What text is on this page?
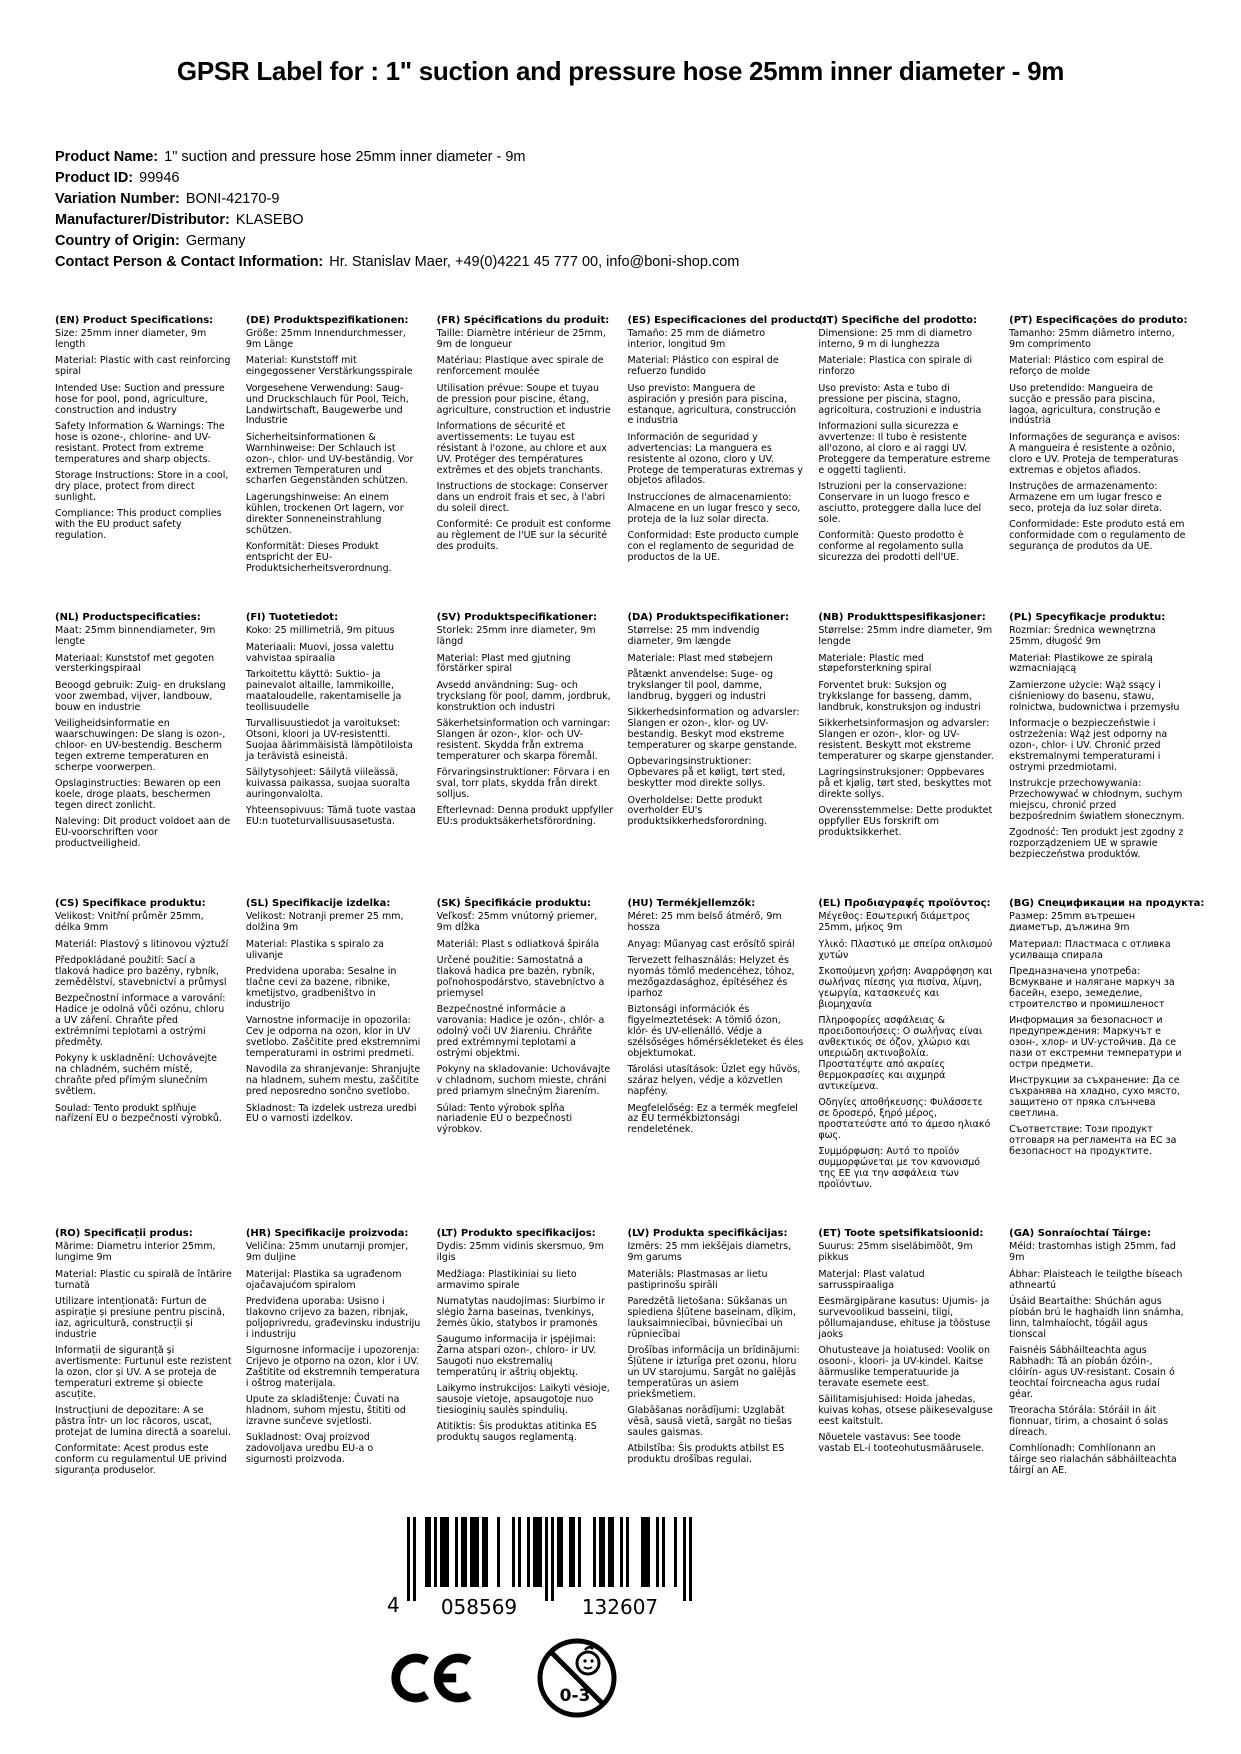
GPSR Label for : 1" suction and pressure hose 25mm inner diameter - 9m
Product Name: 1" suction and pressure hose 25mm inner diameter - 9m
Product ID: 99946
Variation Number: BONI-42170-9
Manufacturer/Distributor: KLASEBO
Country of Origin: Germany
Contact Person & Contact Information: Hr. Stanislav Maer, +49(0)4221 45 777 00, info@boni-shop.com
(EN) Product Specifications:

Size: 25mm inner diameter, 9m length

Material: Plastic with cast reinforcing spiral

Intended Use: Suction and pressure hose for pool, pond, agriculture, construction and industry

Safety Information & Warnings: The hose is ozone-, chlorine- and UV-resistant. Protect from extreme temperatures and sharp objects.

Storage Instructions: Store in a cool, dry place, protect from direct sunlight.

Compliance: This product complies with the EU product safety regulation.

(DE) Produktspezifikationen:

Größe: 25mm Innendurchmesser, 9m Länge

Material: Kunststoff mit eingegossener Verstärkungsspirale

Vorgesehene Verwendung: Saug- und Druckschlauch für Pool, Teich, Landwirtschaft, Baugewerbe und Industrie

Sicherheitsinformationen & Warnhinweise: Der Schlauch ist ozon-, chlor- und UV-beständig. Vor extremen Temperaturen und scharfen Gegenständen schützen.

Lagerungshinweise: An einem kühlen, trockenen Ort lagern, vor direkter Sonneneinstrahlung schützen.

Konformität: Dieses Produkt entspricht der EU-Produktsicherheitsverordnung.

(FR) Spécifications du produit:

Taille: Diamètre intérieur de 25mm, 9m de longueur

Matériau: Plastique avec spirale de renforcement moulée

Utilisation prévue: Soupe et tuyau de pression pour piscine, étang, agriculture, construction et industrie

Informations de sécurité et avertissements: Le tuyau est résistant à l'ozone, au chlore et aux UV. Protéger des températures extrêmes et des objets tranchants.

Instructions de stockage: Conserver dans un endroit frais et sec, à l'abri du soleil direct.

Conformité: Ce produit est conforme au règlement de l'UE sur la sécurité des produits.

(ES) Especificaciones del producto:

Tamaño: 25 mm de diámetro interior, longitud 9m

Material: Plástico con espiral de refuerzo fundido

Uso previsto: Manguera de aspiración y presión para piscina, estanque, agricultura, construcción e industria

Información de seguridad y advertencias: La manguera es resistente al ozono, cloro y UV. Protege de temperaturas extremas y objetos afilados.

Instrucciones de almacenamiento: Almacene en un lugar fresco y seco, proteja de la luz solar directa.

Conformidad: Este producto cumple con el reglamento de seguridad de productos de la UE.

(IT) Specifiche del prodotto:

Dimensione: 25 mm di diametro interno, 9 m di lunghezza

Materiale: Plastica con spirale di rinforzo

Uso previsto: Asta e tubo di pressione per piscina, stagno, agricoltura, costruzioni e industria

Informazioni sulla sicurezza e avvertenze: Il tubo è resistente all'ozono, al cloro e ai raggi UV. Proteggere da temperature estreme e oggetti taglienti.

Istruzioni per la conservazione: Conservare in un luogo fresco e asciutto, proteggere dalla luce del sole.

Conformità: Questo prodotto è conforme al regolamento sulla sicurezza dei prodotti dell'UE.

(PT) Especificações do produto:

Tamanho: 25mm diâmetro interno, 9m comprimento

Material: Plástico com espiral de reforço de molde

Uso pretendido: Mangueira de sucção e pressão para piscina, lagoa, agricultura, construção e indústria

Informações de segurança e avisos: A mangueira é resistente a ozônio, cloro e UV. Proteja de temperaturas extremas e objetos afiados.

Instruções de armazenamento: Armazene em um lugar fresco e seco, proteja da luz solar direta.

Conformidade: Este produto está em conformidade com o regulamento de segurança de produtos da UE.

(NL) Productspecificaties:

Maat: 25mm binnendiameter, 9m lengte

Materiaal: Kunststof met gegoten versterkingspiraal

Beoogd gebruik: Zuig- en drukslang voor zwembad, vijver, landbouw, bouw en industrie

Veiligheidsinformatie en waarschuwingen: De slang is ozon-, chloor- en UV-bestendig. Bescherm tegen extreme temperaturen en scherpe voorwerpen.

Opslaginstructies: Bewaren op een koele, droge plaats, beschermen tegen direct zonlicht.

Naleving: Dit product voldoet aan de EU-voorschriften voor productveiligheid.

(FI) Tuotetiedot:

Koko: 25 millimetriä, 9m pituus

Materiaali: Muovi, jossa valettu vahvistaa spiraalia

Tarkoitettu käyttö: Suktio- ja painevalot altaille, lammikoille, maataloudelle, rakentamiselle ja teollisuudelle

Turvallisuustiedot ja varoitukset: Otsoni, kloori ja UV-resistentti. Suojaa äärimmäisistä lämpötiloista ja terävistä esineistä.

Säilytysohjeet: Säilytä viileässä, kuivassa paikassa, suojaa suoralta auringonvalolta.

Yhteensopivuus: Tämä tuote vastaa EU:n tuoteturvallisuusasetusta.

(SV) Produktspecifikationer:

Storlek: 25mm inre diameter, 9m längd

Material: Plast med gjutning förstärker spiral

Avsedd användning: Sug- och tryckslang för pool, damm, jordbruk, konstruktion och industri

Säkerhetsinformation och varningar: Slangen är ozon-, klor- och UV-resistent. Skydda från extrema temperaturer och skarpa föremål.

Förvaringsinstruktioner: Förvara i en sval, torr plats, skydda från direkt solljus.

Efterlevnad: Denna produkt uppfyller EU:s produktsäkerhetsförordning.

(DA) Produktspecifikationer:

Størrelse: 25 mm indvendig diameter, 9m længde

Materiale: Plast med støbejern

Påtænkt anvendelse: Suge- og trykslanger til pool, damme, landbrug, byggeri og industri

Sikkerhedsinformation og advarsler: Slangen er ozon-, klor- og UV-bestandig. Beskyt mod ekstreme temperaturer og skarpe genstande.

Opbevaringsinstruktioner: Opbevares på et køligt, tørt sted, beskytter mod direkte sollys.

Overholdelse: Dette produkt overholder EU's produktsikkerhedsforordning.

(NB) Produkttspesifikasjoner:

Størrelse: 25mm indre diameter, 9m lengde

Materiale: Plastic med støpeforsterkning spiral

Forventet bruk: Suksjon og trykkslange for basseng, damm, landbruk, konstruksjon og industri

Sikkerhetsinformasjon og advarsler: Slangen er ozon-, klor- og UV-resistent. Beskytt mot ekstreme temperaturer og skarpe gjenstander.

Lagringsinstruksjoner: Oppbevares på et kjølig, tørt sted, beskyttes mot direkte sollys.

Overensstemmelse: Dette produktet oppfyller EUs forskrift om produktsikkerhet.

(PL) Specyfikacje produktu:

Rozmiar: Średnica wewnętrzna 25mm, długość 9m

Materiał: Plastikowe ze spiralą wzmacniającą

Zamierzone użycie: Wąż ssący i ciśnieniowy do basenu, stawu, rolnictwa, budownictwa i przemysłu

Informacje o bezpieczeństwie i ostrzeżenia: Wąż jest odporny na ozon-, chlor- i UV. Chronić przed ekstremalnymi temperaturami i ostrymi przedmiotami.

Instrukcje przechowywania: Przechowywać w chłodnym, suchym miejscu, chronić przed bezpośrednim światłem słonecznym.

Zgodność: Ten produkt jest zgodny z rozporządzeniem UE w sprawie bezpieczeństwa produktów.

(CS) Specifikace produktu:

Velikost: Vnitřní průměr 25mm, délka 9mm

Materiál: Plastový s litinovou výztuží

Předpokládané použití: Sací a tlaková hadice pro bazény, rybník, zemědělství, stavebnictví a průmysl

Bezpečnostní informace a varování: Hadice je odolná vůči ozónu, chloru a UV záření. Chraňte před extrémními teplotami a ostrými předměty.

Pokyny k uskladnění: Uchovávejte na chladném, suchém místě, chraňte před přímým slunečním světlem.

Soulad: Tento produkt splňuje nařízení EU o bezpečnosti výrobků.

(SL) Specifikacije izdelka:

Velikost: Notranji premer 25 mm, dolžina 9m

Material: Plastika s spiralo za ulivanje

Predvidena uporaba: Sesalne in tlačne cevi za bazene, ribnike, kmetijstvo, gradbeništvo in industrijo

Varnostne informacije in opozorila: Cev je odporna na ozon, klor in UV svetlobo. Zaščitite pred ekstremnimi temperaturami in ostrimi predmeti.

Navodila za shranjevanje: Shranjujte na hladnem, suhem mestu, zaščitite pred neposredno sončno svetlobo.

Skladnost: Ta izdelek ustreza uredbi EU o varnosti izdelkov.

(SK) Špecifikácie produktu:

Veľkosť: 25mm vnútorný priemer, 9m dĺžka

Materiál: Plast s odliatková špirála

Určené použitie: Samostatná a tlaková hadica pre bazén, rybník, poľnohospodárstvo, stavebníctvo a priemysel

Bezpečnostné informácie a varovania: Hadice je ozón-, chlór- a odolný voči UV žiareniu. Chráňte pred extrémnymi teplotami a ostrými objektmi.

Pokyny na skladovanie: Uchovávajte v chladnom, suchom mieste, chráni pred priamym slnečným žiarením.

Súlad: Tento výrobok spĺňa nariadenie EÚ o bezpečnosti výrobkov.

(HU) Termékjellemzők:

Méret: 25 mm belső átmérő, 9m hossza

Anyag: Műanyag cast erősítő spirál

Tervezett felhasználás: Helyzet és nyomás tömlő medencéhez, tóhoz, mezőgazdasághoz, építéséhez és iparhoz

Biztonsági információk és figyelmeztetések: A tömlő ózon, klór- és UV-ellenálló. Védje a szélsőséges hőmérsékleteket és éles objektumokat.

Tárolási utasítások: Üzlet egy hűvös, száraz helyen, védje a közvetlen napfény.

Megfelelőség: Ez a termék megfelel az EU termékbiztonsági rendeletének.

(EL) Προδιαγραφές προϊόντος:

Μέγεθος: Εσωτερική διάμετρος 25mm, μήκος 9m

Υλικό: Πλαστικό με σπείρα οπλισμού χυτών

Σκοπούμενη χρήση: Αναρρόφηση και σωλήνας πίεσης για πισίνα, λίμνη, γεωργία, κατασκευές και βιομηχανία

Πληροφορίες ασφάλειας & προειδοποιήσεις: Ο σωλήνας είναι ανθεκτικός σε όζον, χλώριο και υπεριώδη ακτινοβολία. Προστατέψτε από ακραίες θερμοκρασίες και αιχμηρά αντικείμενα.

Οδηγίες αποθήκευσης: Φυλάσσετε σε δροσερό, ξηρό μέρος, προστατεύστε από το άμεσο ηλιακό φως.

Συμμόρφωση: Αυτό το προϊόν συμμορφώνεται με τον κανονισμό της ΕΕ για την ασφάλεια των προϊόντων.

(BG) Спецификации на продукта:

Размер: 25mm вътрешен диаметър, дължина 9m

Материал: Пластмаса с отливка усилваща спирала

Предназначена употреба: Всмукване и налягане маркуч за басейн, езеро, земеделие, строителство и промишленост

Информация за безопасност и предупреждения: Маркучът е озон-, хлор- и UV-устойчив. Да се пази от екстремни температури и остри предмети.

Инструкции за съхранение: Да се съхранява на хладно, сухо място, защитено от пряка слънчева светлина.

Съответствие: Този продукт отговаря на регламента на ЕС за безопасност на продуктите.

(RO) Specificații produs:

Mărime: Diametru interior 25mm, lungime 9m

Material: Plastic cu spirală de întărire turnată

Utilizare intenționată: Furtun de aspirație și presiune pentru piscină, iaz, agricultură, construcții și industrie

Informații de siguranță și avertismente: Furtunul este rezistent la ozon, clor și UV. A se proteja de temperaturi extreme și obiecte ascuțite.

Instrucțiuni de depozitare: A se păstra într- un loc răcoros, uscat, protejat de lumina directă a soarelui.

Conformitate: Acest produs este conform cu regulamentul UE privind siguranța produselor.

(HR) Specifikacije proizvoda:

Veličina: 25mm unutarnji promjer, 9m duljine

Materijal: Plastika sa ugrađenom ojačavajućom spiralom

Predviđena uporaba: Usisno i tlakovno crijevo za bazen, ribnjak, poljoprivredu, građevinsku industriju i industriju

Sigurnosne informacije i upozorenja: Crijevo je otporno na ozon, klor i UV. Zaštitite od ekstremnih temperatura i oštrog materijala.

Upute za skladištenje: Čuvati na hladnom, suhom mjestu, štititi od izravne sunčeve svjetlosti.

Sukladnost: Ovaj proizvod zadovoljava uredbu EU-a o sigurnosti proizvoda.

(LT) Produkto specifikacijos:

Dydis: 25mm vidinis skersmuo, 9m ilgis

Medžiaga: Plastikiniai su lieto armavimo spirale

Numatytas naudojimas: Siurbimo ir slėgio žarna baseinas, tvenkinys, žemės ūkio, statybos ir pramonės

Saugumo informacija ir įspėjimai: Žarna atspari ozon-, chloro- ir UV. Saugoti nuo ekstremalių temperatūrų ir aštrių objektų.

Laikymo instrukcijos: Laikyti vėsioje, sausoje vietoje, apsaugotoje nuo tiesioginių saulės spindulių.

Atitiktis: Šis produktas atitinka ES produktų saugos reglamentą.

(LV) Produkta specifikācijas:

Izmērs: 25 mm iekšējais diametrs, 9m garums

Materiāls: Plastmasas ar lietu pastiprinošu spirāli

Paredzētā lietošana: Sūkšanas un spiediena šļūtene baseinam, dīķim, lauksaimniecībai, būvniecībai un rūpniecībai

Drošības informācija un brīdinājumi: Šļūtene ir izturīga pret ozonu, hloru un UV starojumu. Sargāt no galējās temperatūras un asiem priekšmetiem.

Glabāšanas norādījumi: Uzglabāt vēsā, sausā vietā, sargāt no tiešas saules gaismas.

Atbilstība: Šis produkts atbilst ES produktu drošības regulai.

(ET) Toote spetsifikatsioonid:

Suurus: 25mm siseläbimõõt, 9m pikkus

Materjal: Plast valatud sarrusspiraaliga

Eesmärgipärane kasutus: Ujumis- ja survevoolikud basseini, tiigi, põllumajanduse, ehituse ja tööstuse jaoks

Ohutusteave ja hoiatused: Voolik on osooni-, kloori- ja UV-kindel. Kaitse äärmuslike temperatuuride ja teravate esemete eest.

Säilitamisjuhised: Hoida jahedas, kuivas kohas, otsese päikesevalguse eest kaitstult.

Nõuetele vastavus: See toode vastab EL-i tooteohutusmäärusele.

(GA) Sonraíochtaí Táirge:

Méid: trastomhas istigh 25mm, fad 9m

Ábhar: Plaisteach le teilgthe bíseach athneartú

Úsáid Beartaithe: Shúchán agus píobán brú le haghaidh linn snámha, linn, talmhaíocht, tógáil agus tionscal

Faisnéis Sábháilteachta agus Rabhadh: Tá an píobán ózóin-, clóirín- agus UV-resistant. Cosain ó teochtaí foircneacha agus rudaí géar.

Treoracha Stórála: Stóráil in áit fionnuar, tirim, a chosaint ó solas díreach.

Comhlíonadh: Comhlíonann an táirge seo rialachán sábháilteachta táirgí an AE.

4 058569	132607
0-3
